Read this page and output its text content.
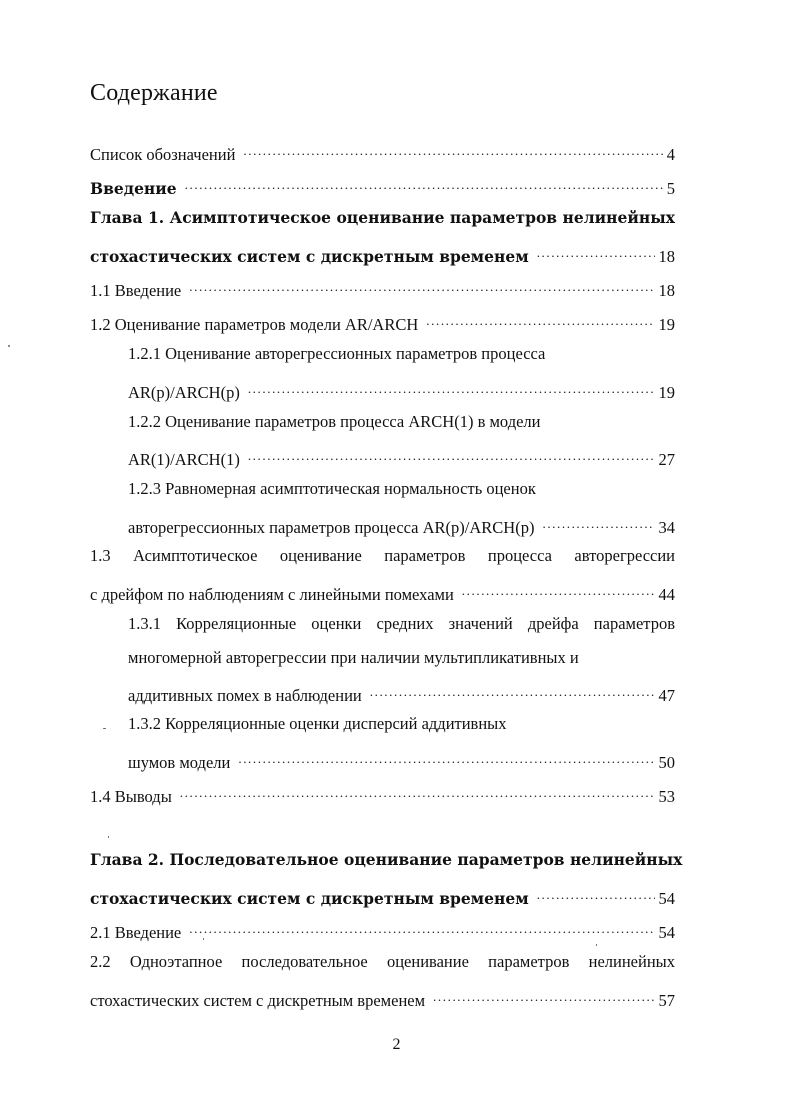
Содержание
Список обозначений .....	4
Введение .....	5
Глава 1. Асимптотическое оценивание параметров нелинейных
стохастических систем с дискретным временем .....	18
1.1 Введение .....	18
1.2 Оценивание параметров модели AR/ARCH .....	19
1.2.1 Оценивание авторегрессионных параметров процесса
AR(p)/ARCH(p) .....	19
1.2.2 Оценивание параметров процесса ARCH(1) в модели
AR(1)/ARCH(1) .....	27
1.2.3 Равномерная асимптотическая нормальность оценок
авторегрессионных параметров процесса AR(p)/ARCH(p) .....	34
1.3 Асимптотическое оценивание параметров процесса авторегрессии
с дрейфом по наблюдениям с линейными помехами .....	44
1.3.1 Корреляционные оценки средних значений дрейфа параметров
многомерной авторегрессии при наличии мультипликативных и
аддитивных помех в наблюдении .....	47
1.3.2 Корреляционные оценки дисперсий аддитивных
шумов модели .....	50
1.4 Выводы .....	53
Глава 2. Последовательное оценивание параметров нелинейных
стохастических систем с дискретным временем .....	54
2.1 Введение .....	54
2.2 Одноэтапное последовательное оценивание параметров нелинейных
стохастических систем с дискретным временем .....	57
2
